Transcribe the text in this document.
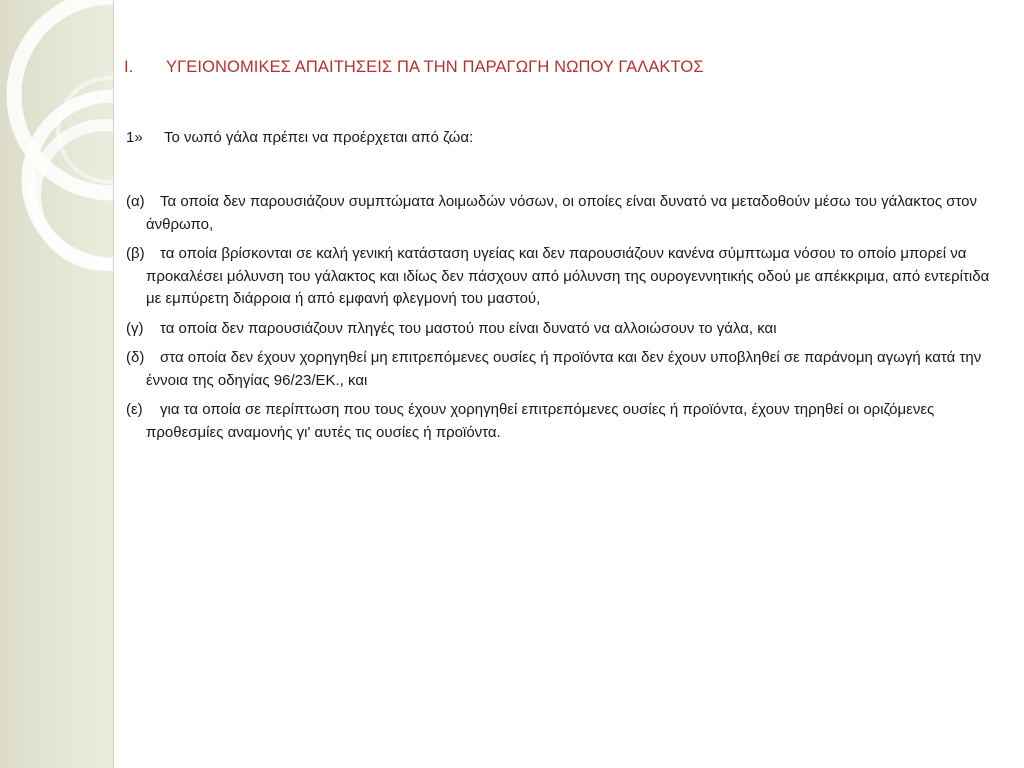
I. ΥΓΕΙΟΝΟΜΙΚΕΣ ΑΠΑΙΤΗΣΕΙΣ ΠΑ ΤΗΝ ΠΑΡΑΓΩΓΗ ΝΩΠΟΥ ΓΑΛΑΚΤΟΣ
1» Το νωπό γάλα πρέπει να προέρχεται από ζώα:
(α) Τα οποία δεν παρουσιάζουν συμπτώματα λοιμωδών νόσων, οι οποίες είναι δυνατό να μεταδοθούν μέσω του γάλακτος στον άνθρωπο,
(β) τα οποία βρίσκονται σε καλή γενική κατάσταση υγείας και δεν παρουσιάζουν κανένα σύμπτωμα νόσου το οποίο μπορεί να προκαλέσει μόλυνση του γάλακτος και ιδίως δεν πάσχουν από μόλυνση της ουρογεννητικής οδού με απέκκριμα, από εντερίτιδα με εμπύρετη διάρροια ή από εμφανή φλεγμονή του μαστού,
(γ) τα οποία δεν παρουσιάζουν πληγές του μαστού που είναι δυνατό να αλλοιώσουν το γάλα, και
(δ) στα οποία δεν έχουν χορηγηθεί μη επιτρεπόμενες ουσίες ή προϊόντα και δεν έχουν υποβληθεί σε παράνομη αγωγή κατά την έννοια της οδηγίας 96/23/ΕΚ., και
(ε) για τα οποία σε περίπτωση που τους έχουν χορηγηθεί επιτρεπόμενες ουσίες ή προϊόντα, έχουν τηρηθεί οι οριζόμενες προθεσμίες αναμονής γι' αυτές τις ουσίες ή προϊόντα.
